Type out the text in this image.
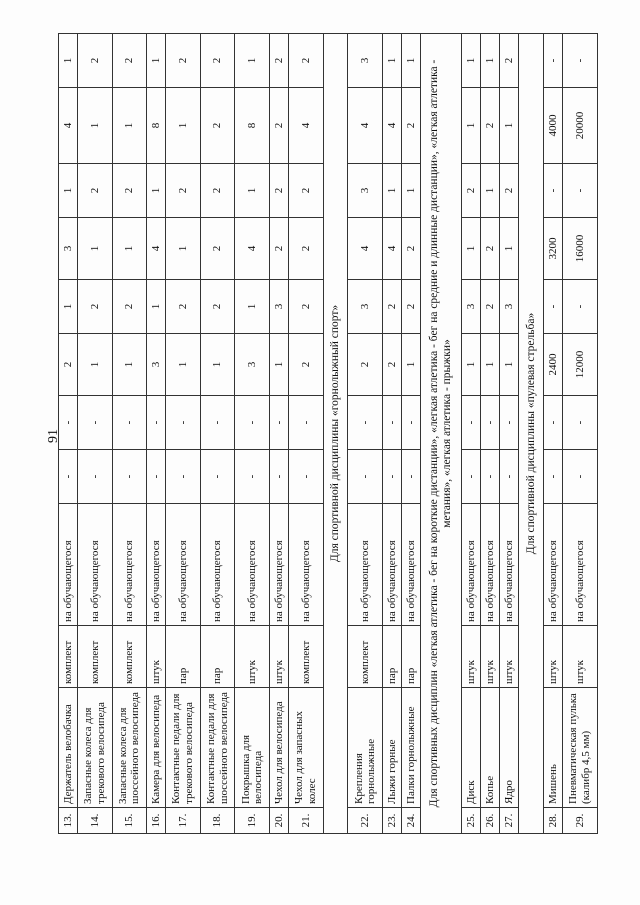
91
13.	Держатель велобачка	комплект	на обучающегося	-	-	2	1	3	1	4	1
14.	Запасные колеса для трекового велосипеда	комплект	на обучающегося	-	-	1	2	1	2	1	2
15.	Запасные колеса для шоссейного велосипеда	комплект	на обучающегося	-	-	1	2	1	2	1	2
16.	Камера для велосипеда	штук	на обучающегося	-	-	3	1	4	1	8	1
17.	Контактные педали для трекового велосипеда	пар	на обучающегося	-	-	1	2	1	2	1	2
18.	Контактные педали для шоссейного велосипеда	пар	на обучающегося	-	-	1	2	2	2	2	2
19.	Покрышка для велосипеда	штук	на обучающегося	-	-	3	1	4	1	8	1
20.	Чехол для велосипеда	штук	на обучающегося	-	-	1	3	2	2	2	2
21.	Чехол для запасных колес	комплект	на обучающегося	-	-	2	2	2	2	4	2
Для спортивной дисциплины «горнолыжный спорт»											
22.	Крепления горнолыжные	комплект	на обучающегося	-	-	2	3	4	3	4	3
23.	Лыжи горные	пар	на обучающегося	-	-	2	2	4	1	4	1
24.	Палки горнолыжные	пар	на обучающегося	-	-	1	2	2	1	2	1
Для спортивных дисциплин «легкая атлетика - бег на короткие дистанции», «легкая атлетика - бег на средние и длинные дистанции», «легкая атлетика - метания», «легкая атлетика - прыжки»											
25.	Диск	штук	на обучающегося	-	-	1	3	1	2	1	1
26.	Копье	штук	на обучающегося	-	-	1	2	2	1	2	1
27.	Ядро	штук	на обучающегося	-	-	1	3	1	2	1	2
Для спортивной дисциплины «пулевая стрельба»											
28.	Мишень	штук	на обучающегося	-	-	2400	-	3200	-	4000	-
29.	Пневматическая пулька (калибр 4,5 мм)	штук	на обучающегося	-	-	12000	-	16000	-	20000	-
